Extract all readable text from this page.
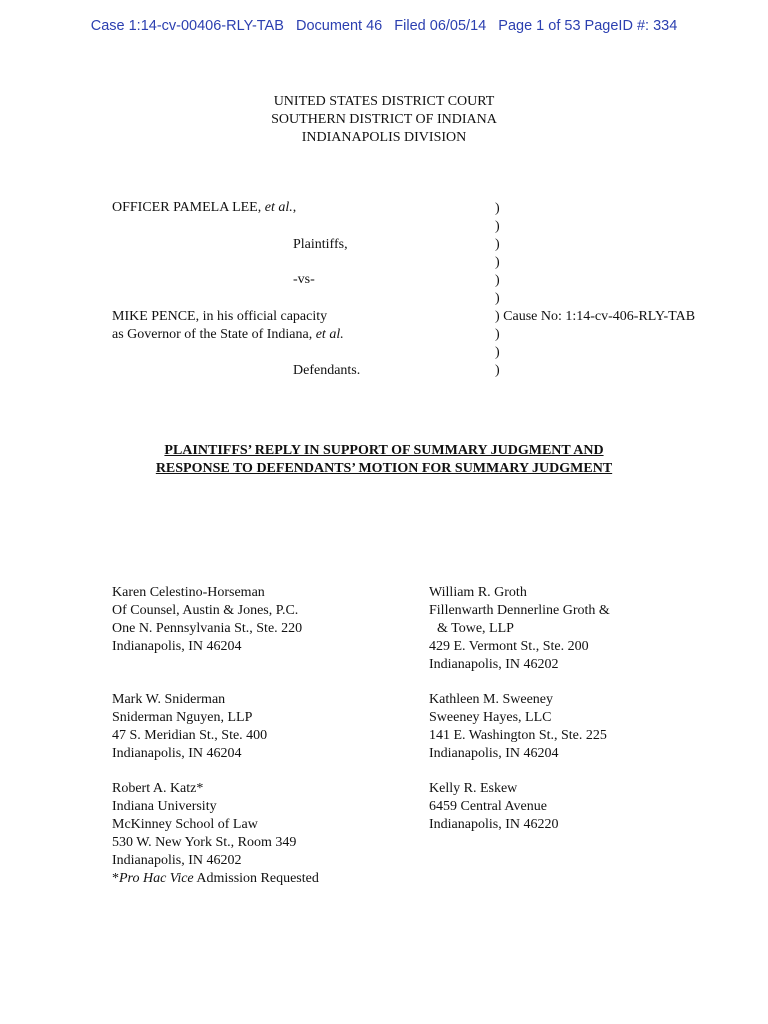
Case 1:14-cv-00406-RLY-TAB   Document 46   Filed 06/05/14   Page 1 of 53 PageID #: 334
UNITED STATES DISTRICT COURT
SOUTHERN DISTRICT OF INDIANA
INDIANAPOLIS DIVISION
OFFICER PAMELA LEE, et al.,
Plaintiffs,
-vs-
MIKE PENCE, in his official capacity
as Governor of the State of Indiana, et al.
Defendants.
)
)
)
)
)
)
) Cause No: 1:14-cv-406-RLY-TAB
)
)
)
PLAINTIFFS’ REPLY IN SUPPORT OF SUMMARY JUDGMENT AND
RESPONSE TO DEFENDANTS’ MOTION FOR SUMMARY JUDGMENT
Karen Celestino-Horseman
Of Counsel, Austin & Jones, P.C.
One N. Pennsylvania St., Ste. 220
Indianapolis, IN 46204
Mark W. Sniderman
Sniderman Nguyen, LLP
47 S. Meridian St., Ste. 400
Indianapolis, IN 46204
Robert A. Katz*
Indiana University
McKinney School of Law
530 W. New York St., Room 349
Indianapolis, IN 46202
*Pro Hac Vice Admission Requested
William R. Groth
Fillenwarth Dennerline Groth &
& Towe, LLP
429 E. Vermont St., Ste. 200
Indianapolis, IN 46202
Kathleen M. Sweeney
Sweeney Hayes, LLC
141 E. Washington St., Ste. 225
Indianapolis, IN 46204
Kelly R. Eskew
6459 Central Avenue
Indianapolis, IN 46220
